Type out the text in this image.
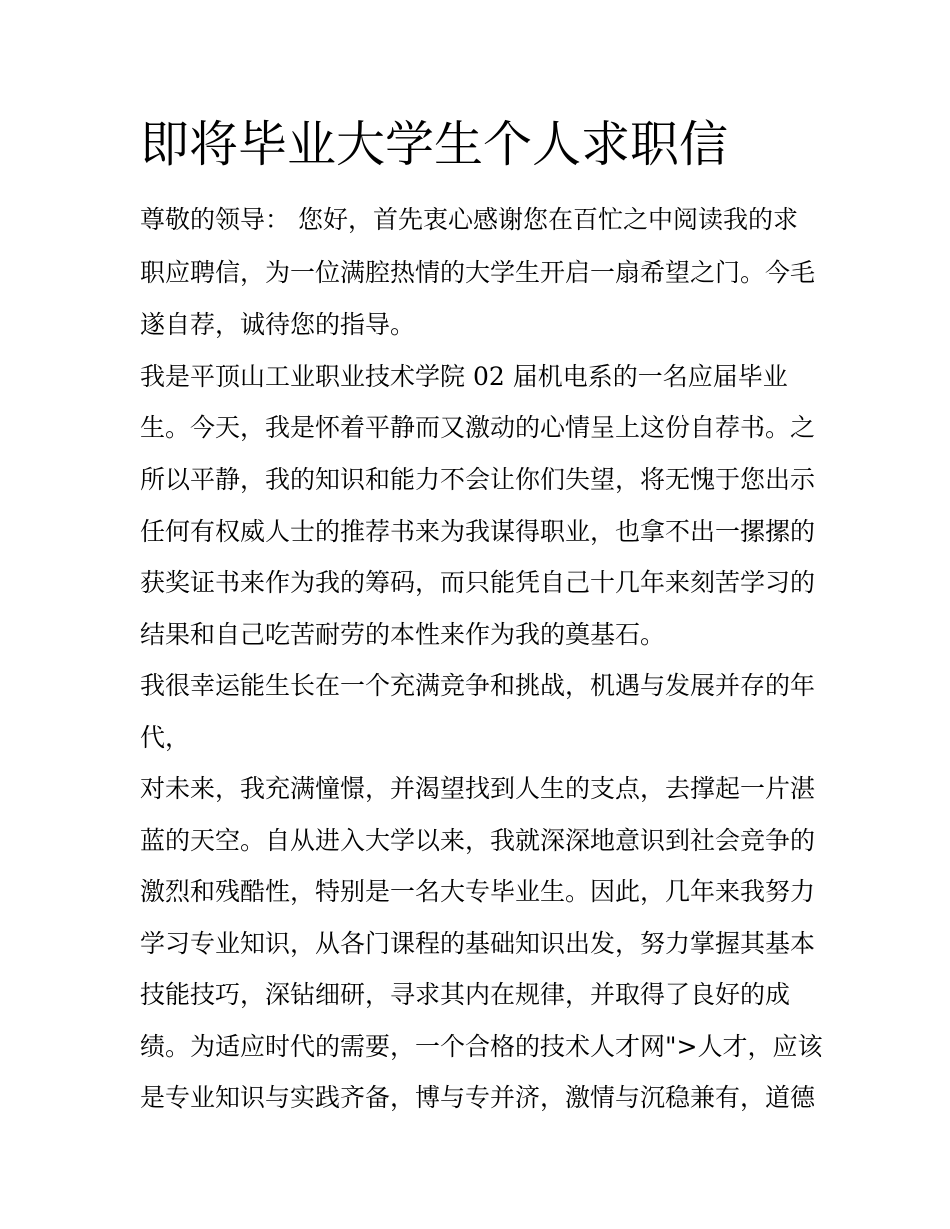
即将毕业大学生个人求职信

尊敬的领导： 您好，首先衷心感谢您在百忙之中阅读我的求

职应聘信，为一位满腔热情的大学生开启一扇希望之门。今毛

遂自荐，诚待您的指导。

我是平顶山工业职业技术学院 02 届机电系的一名应届毕业

生。今天，我是怀着平静而又激动的心情呈上这份自荐书。之

所以平静，我的知识和能力不会让你们失望，将无愧于您出示

任何有权威人士的推荐书来为我谋得职业，也拿不出一摞摞的

获奖证书来作为我的筹码，而只能凭自己十几年来刻苦学习的

结果和自己吃苦耐劳的本性来作为我的奠基石。

我很幸运能生长在一个充满竞争和挑战，机遇与发展并存的年

代，

对未来，我充满憧憬，并渴望找到人生的支点，去撑起一片湛

蓝的天空。自从进入大学以来，我就深深地意识到社会竞争的

激烈和残酷性，特别是一名大专毕业生。因此，几年来我努力

学习专业知识，从各门课程的基础知识出发，努力掌握其基本

技能技巧，深钻细研，寻求其内在规律，并取得了良好的成

绩。为适应时代的需要，一个合格的技术人才网">人才，应该

是专业知识与实践齐备，博与专并济，激情与沉稳兼有，道德
